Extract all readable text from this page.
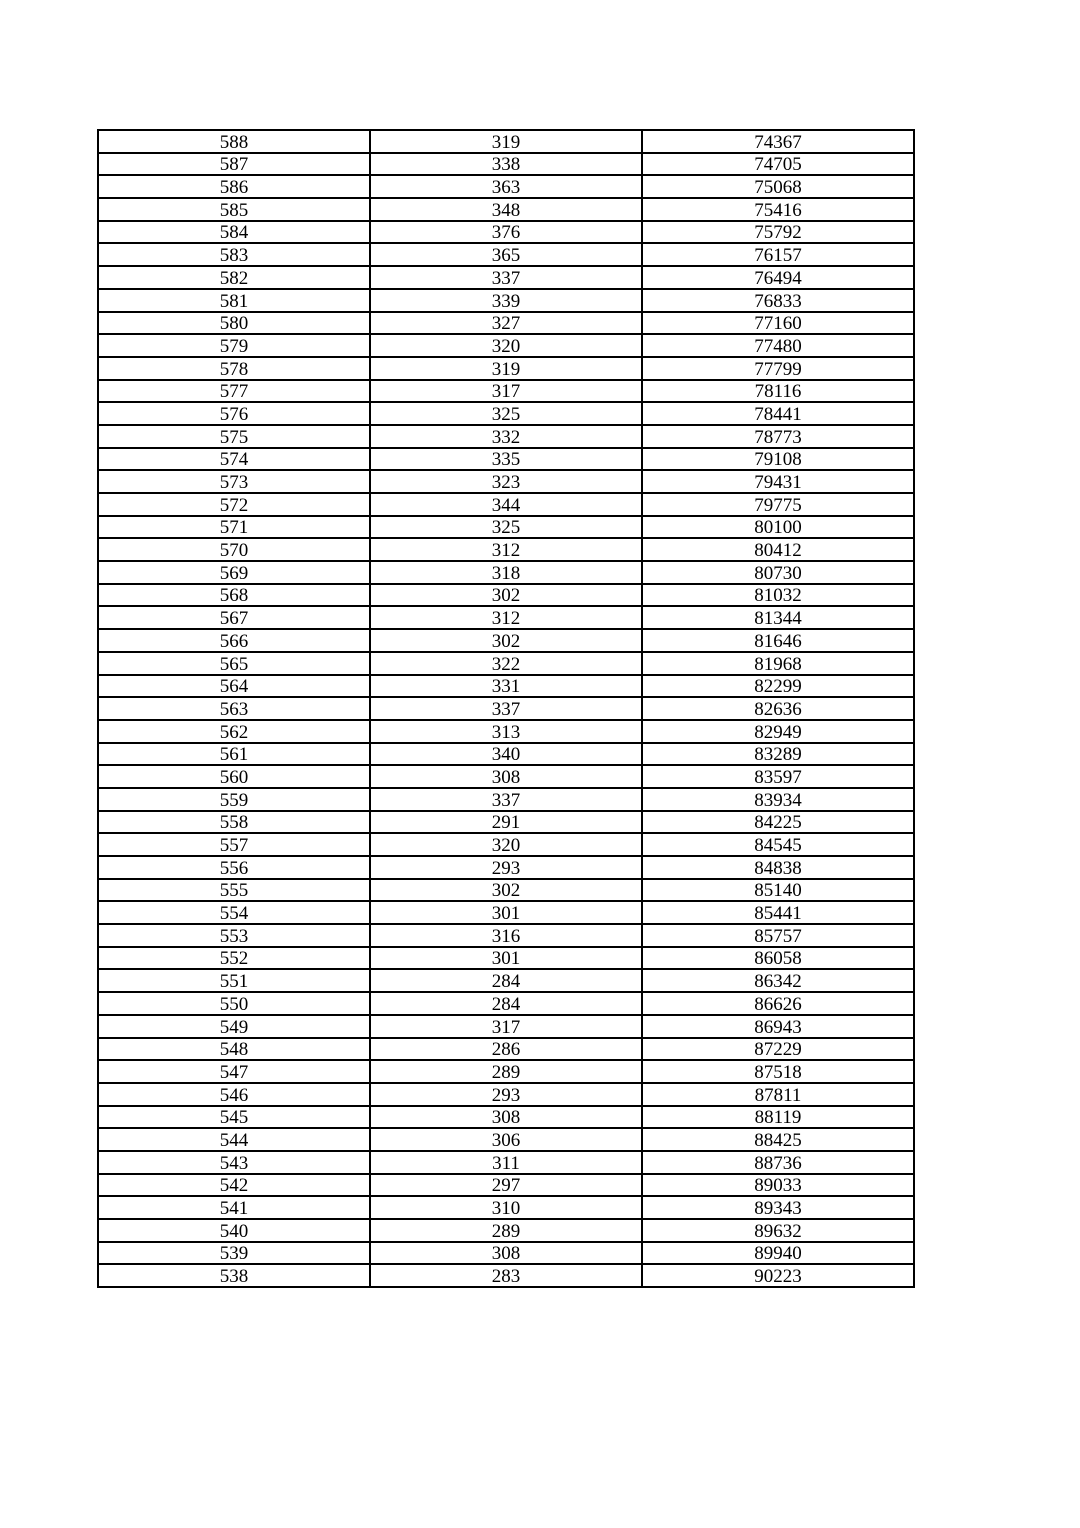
588	319	74367
587	338	74705
586	363	75068
585	348	75416
584	376	75792
583	365	76157
582	337	76494
581	339	76833
580	327	77160
579	320	77480
578	319	77799
577	317	78116
576	325	78441
575	332	78773
574	335	79108
573	323	79431
572	344	79775
571	325	80100
570	312	80412
569	318	80730
568	302	81032
567	312	81344
566	302	81646
565	322	81968
564	331	82299
563	337	82636
562	313	82949
561	340	83289
560	308	83597
559	337	83934
558	291	84225
557	320	84545
556	293	84838
555	302	85140
554	301	85441
553	316	85757
552	301	86058
551	284	86342
550	284	86626
549	317	86943
548	286	87229
547	289	87518
546	293	87811
545	308	88119
544	306	88425
543	311	88736
542	297	89033
541	310	89343
540	289	89632
539	308	89940
538	283	90223
